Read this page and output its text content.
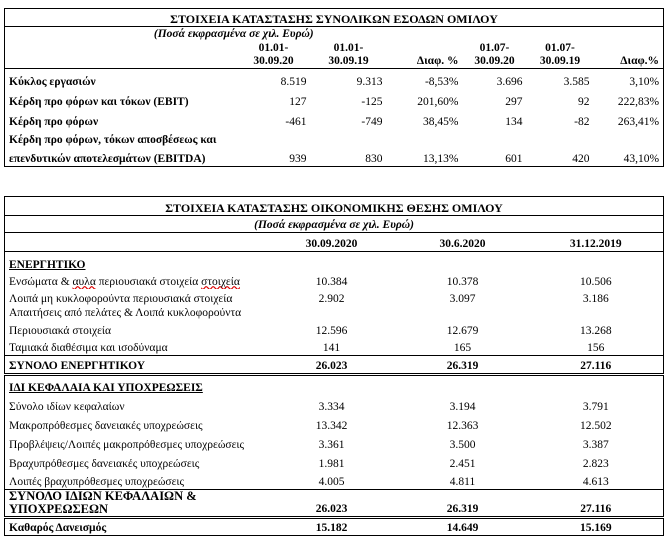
ΣΤΟΙΧΕΙΑ ΚΑΤΑΣΤΑΣΗΣ ΣΥΝΟΛΙΚΩΝ ΕΣΟΔΩΝ ΟΜΙΛΟΥ						
(Ποσά εκφρασμένα σε χιλ. Ευρώ)						
	01.01-	01.01-		01.07-	01.07-	
	30.09.20	30.09.19	Διαφ. %	30.09.20	30.09.19	Διαφ.%
Κύκλος εργασιών	8.519	9.313	-8,53%	3.696	3.585	3,10%
Κέρδη προ φόρων και τόκων (EBIT)	127	-125	201,60%	297	92	222,83%
Κέρδη προ φόρων	-461	-749	38,45%	134	-82	263,41%
Κέρδη προ φόρων, τόκων αποσβέσεως και						
επενδυτικών αποτελεσμάτων (EBITDA)	939	830	13,13%	601	420	43,10%
ΣΤΟΙΧΕΙΑ ΚΑΤΑΣΤΑΣΗΣ ΟΙΚΟΝΟΜΙΚΗΣ ΘΕΣΗΣ ΟΜΙΛΟΥ			
(Ποσά εκφρασμένα σε χιλ. Ευρώ)			
	30.09.2020	30.6.2020	31.12.2019
ΕΝΕΡΓΗΤΙΚΟ			
Ενσώματα & αυλα περιουσιακά στοιχεία στοιχεία	10.384	10.378	10.506
Λοιπά μη κυκλοφορούντα περιουσιακά στοιχεία	2.902	3.097	3.186
Απαιτήσεις από πελάτες & Λοιπά κυκλοφορούντα			
Περιουσιακά στοιχεία	12.596	12.679	13.268
Ταμιακά διαθέσιμα και ισοδύναμα	141	165	156
ΣΥΝΟΛΟ ΕΝΕΡΓΗΤΙΚΟΥ	26.023	26.319	27.116
ΙΔΙ ΚΕΦΑΛΑΙΑ ΚΑΙ ΥΠΟΧΡΕΩΣΕΙΣ			
Σύνολο ιδίων κεφαλαίων	3.334	3.194	3.791
Μακροπρόθεσμες δανειακές υποχρεώσεις	13.342	12.363	12.502
Προβλέψεις/Λοιπές μακροπρόθεσμες υποχρεώσεις	3.361	3.500	3.387
Βραχυπρόθεσμες δανειακές υποχρεώσεις	1.981	2.451	2.823
Λοιπές βραχυπρόθεσμες υποχρεώσεις	4.005	4.811	4.613
ΣΥΝΟΛΟ ΙΔΙΩΝ ΚΕΦΑΛΑΙΩΝ &			
ΥΠΟΧΡΕΩΣΕΩΝ	26.023	26.319	27.116
Καθαρός Δανεισμός	15.182	14.649	15.169
